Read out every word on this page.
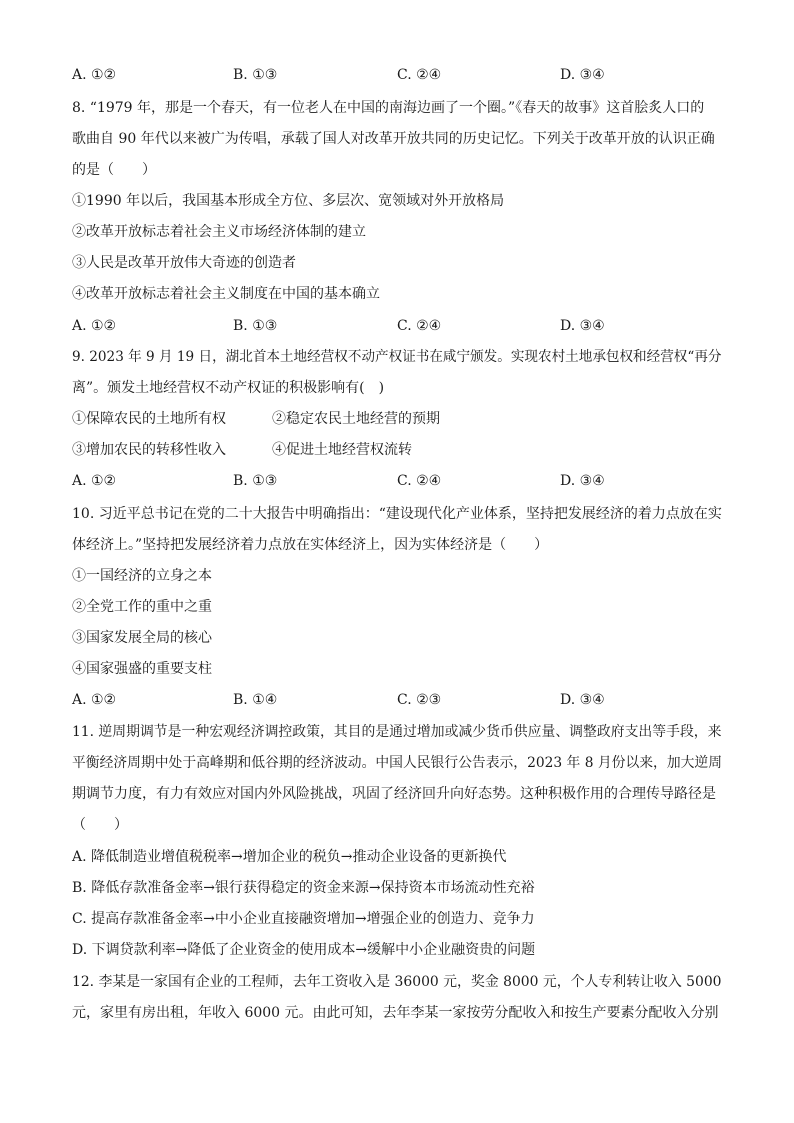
A. ①②	B. ①③	C. ②④	D. ③④
8. “1979 年，那是一个春天，有一位老人在中国的南海边画了一个圈。”《春天的故事》这首脍炙人口的
歌曲自 90 年代以来被广为传唱，承载了国人对改革开放共同的历史记忆。下列关于改革开放的认识正确
的是（　　）
①1990 年以后，我国基本形成全方位、多层次、宽领域对外开放格局
②改革开放标志着社会主义市场经济体制的建立
③人民是改革开放伟大奇迹的创造者
④改革开放标志着社会主义制度在中国的基本确立
A. ①②	B. ①③	C. ②④	D. ③④
9. 2023 年 9 月 19 日，湖北首本土地经营权不动产权证书在咸宁颁发。实现农村土地承包权和经营权“再分
离”。颁发土地经营权不动产权证的积极影响有(　)
①保障农民的土地所有权	②稳定农民土地经营的预期
③增加农民的转移性收入	④促进土地经营权流转
A. ①②	B. ①③	C. ②④	D. ③④
10. 习近平总书记在党的二十大报告中明确指出：“建设现代化产业体系，坚持把发展经济的着力点放在实
体经济上。”坚持把发展经济着力点放在实体经济上，因为实体经济是（　　）
①一国经济的立身之本
②全党工作的重中之重
③国家发展全局的核心
④国家强盛的重要支柱
A. ①②	B. ①④	C. ②③	D. ③④
11. 逆周期调节是一种宏观经济调控政策，其目的是通过增加或减少货币供应量、调整政府支出等手段，来
平衡经济周期中处于高峰期和低谷期的经济波动。中国人民银行公告表示，2023 年 8 月份以来，加大逆周
期调节力度，有力有效应对国内外风险挑战，巩固了经济回升向好态势。这种积极作用的合理传导路径是
（　　）
A. 降低制造业增值税税率→增加企业的税负→推动企业设备的更新换代
B. 降低存款准备金率→银行获得稳定的资金来源→保持资本市场流动性充裕
C. 提高存款准备金率→中小企业直接融资增加→增强企业的创造力、竞争力
D. 下调贷款利率→降低了企业资金的使用成本→缓解中小企业融资贵的问题
12. 李某是一家国有企业的工程师，去年工资收入是 36000 元，奖金 8000 元，个人专利转让收入 5000
元，家里有房出租，年收入 6000 元。由此可知，去年李某一家按劳分配收入和按生产要素分配收入分别
